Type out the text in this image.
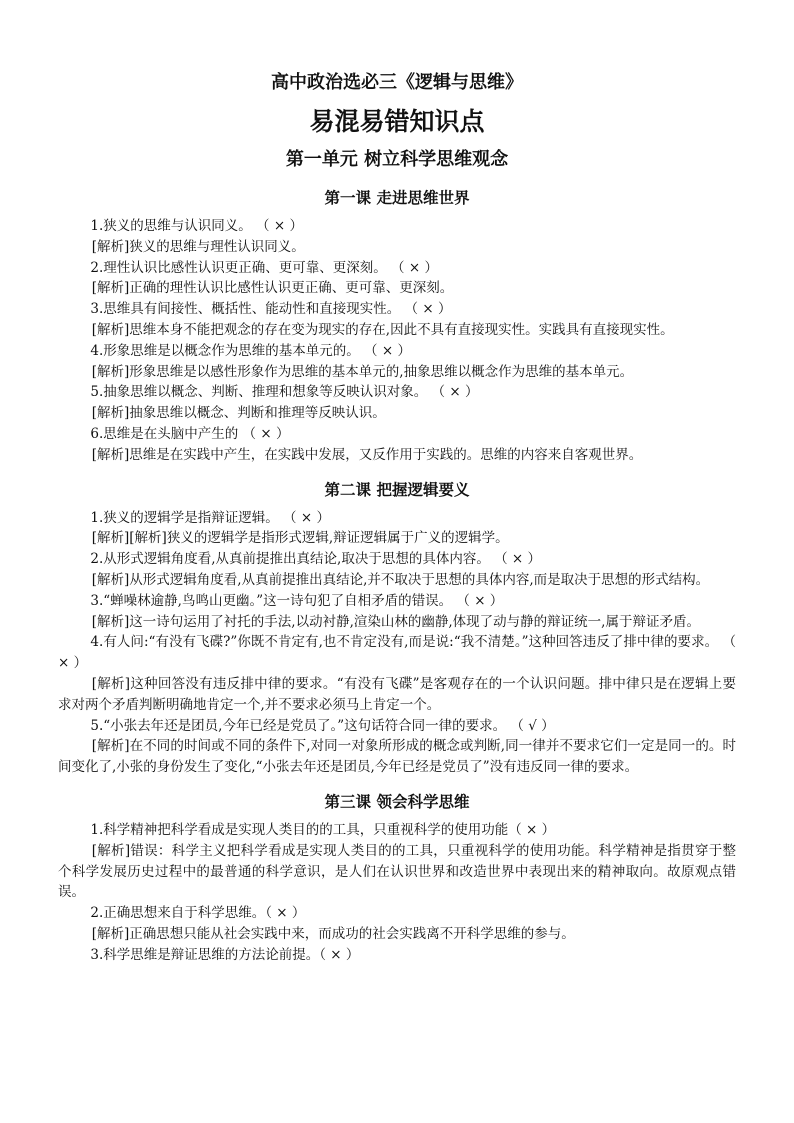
高中政治选必三《逻辑与思维》
易混易错知识点
第一单元 树立科学思维观念
第一课 走进思维世界

1.狭义的思维与认识同义。 （ × ）

[解析]狭义的思维与理性认识同义。

2.理性认识比感性认识更正确、更可靠、更深刻。 （ × ）

[解析]正确的理性认识比感性认识更正确、更可靠、更深刻。

3.思维具有间接性、概括性、能动性和直接现实性。 （ × ）

[解析]思维本身不能把观念的存在变为现实的存在,因此不具有直接现实性。实践具有直接现实性。

4.形象思维是以概念作为思维的基本单元的。 （ × ）

[解析]形象思维是以感性形象作为思维的基本单元的,抽象思维以概念作为思维的基本单元。

5.抽象思维以概念、判断、推理和想象等反映认识对象。 （ × ）

[解析]抽象思维以概念、判断和推理等反映认识。

6.思维是在头脑中产生的 （ × ）

[解析]思维是在实践中产生，在实践中发展，又反作用于实践的。思维的内容来自客观世界。

第二课 把握逻辑要义

1.狭义的逻辑学是指辩证逻辑。 （ × ）

[解析][解析]狭义的逻辑学是指形式逻辑,辩证逻辑属于广义的逻辑学。

2.从形式逻辑角度看,从真前提推出真结论,取决于思想的具体内容。 （ × ）

[解析]从形式逻辑角度看,从真前提推出真结论,并不取决于思想的具体内容,而是取决于思想的形式结构。

3.“蝉噪林逾静,鸟鸣山更幽。”这一诗句犯了自相矛盾的错误。 （ × ）

[解析]这一诗句运用了衬托的手法,以动衬静,渲染山林的幽静,体现了动与静的辩证统一,属于辩证矛盾。

4.有人问:“有没有飞碟?”你既不肯定有,也不肯定没有,而是说:“我不清楚。”这种回答违反了排中律的要求。 （ × ）

[解析]这种回答没有违反排中律的要求。“有没有飞碟”是客观存在的一个认识问题。排中律只是在逻辑上要求对两个矛盾判断明确地肯定一个,并不要求必须马上肯定一个。

5.“小张去年还是团员,今年已经是党员了。”这句话符合同一律的要求。 （ √ ）

[解析]在不同的时间或不同的条件下,对同一对象所形成的概念或判断,同一律并不要求它们一定是同一的。时间变化了,小张的身份发生了变化,“小张去年还是团员,今年已经是党员了”没有违反同一律的要求。

第三课 领会科学思维

1.科学精神把科学看成是实现人类目的的工具，只重视科学的使用功能（ × ）

[解析]错误：科学主义把科学看成是实现人类目的的工具，只重视科学的使用功能。科学精神是指贯穿于整个科学发展历史过程中的最普通的科学意识，是人们在认识世界和改造世界中表现出来的精神取向。故原观点错误。

2.正确思想来自于科学思维。（ × ）

[解析]正确思想只能从社会实践中来，而成功的社会实践离不开科学思维的参与。

3.科学思维是辩证思维的方法论前提。（ × ）
